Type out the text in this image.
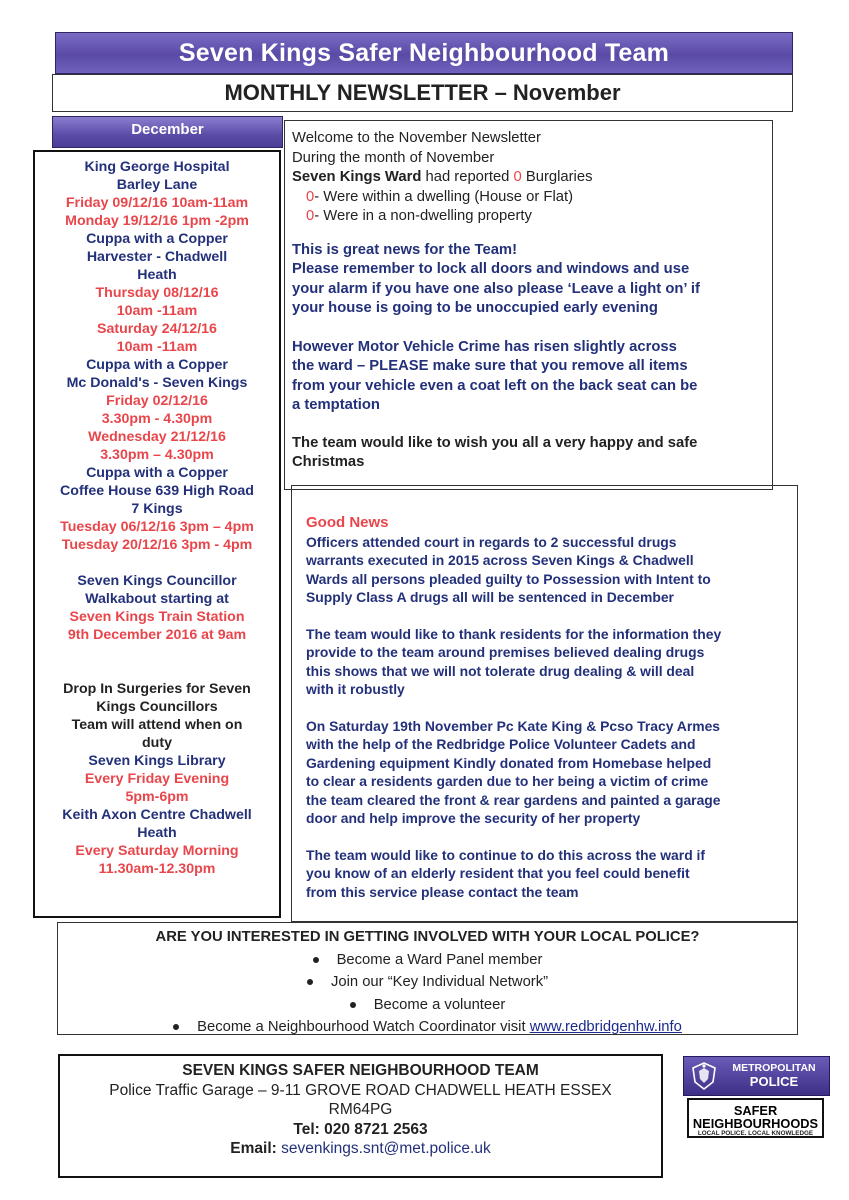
Seven Kings Safer Neighbourhood Team
MONTHLY NEWSLETTER – November
December
King George Hospital
Barley Lane
Friday 09/12/16 10am-11am
Monday 19/12/16 1pm -2pm
Cuppa with a Copper
Harvester - Chadwell
Heath
Thursday 08/12/16
10am -11am
Saturday 24/12/16
10am -11am
Cuppa with a Copper
Mc Donald's - Seven Kings
Friday 02/12/16
3.30pm - 4.30pm
Wednesday 21/12/16
3.30pm – 4.30pm
Cuppa with a Copper
Coffee House 639 High Road
7 Kings
Tuesday 06/12/16 3pm – 4pm
Tuesday 20/12/16 3pm - 4pm
Seven Kings Councillor
Walkabout starting at
Seven Kings Train Station
9th December 2016 at 9am
Drop In Surgeries for Seven
Kings Councillors
Team will attend when on
duty
Seven Kings Library
Every Friday Evening
5pm-6pm
Keith Axon Centre Chadwell
Heath
Every Saturday Morning
11.30am-12.30pm
Welcome to the November Newsletter
During the month of November
Seven Kings Ward had reported 0 Burglaries
0- Were within a dwelling (House or Flat)
0- Were in a non-dwelling property
This is great news for the Team!
Please remember to lock all doors and windows and use
your alarm if you have one also please ‘Leave a light on’ if
your house is going to be unoccupied early evening
However Motor Vehicle Crime has risen slightly across
the ward – PLEASE make sure that you remove all items
from your vehicle even a coat left on the back seat can be
a temptation
The team would like to wish you all a very happy and safe
Christmas
Good News
Officers attended court in regards to 2 successful drugs
warrants executed in 2015 across Seven Kings & Chadwell
Wards all persons pleaded guilty to Possession with Intent to
Supply Class A drugs all will be sentenced in December
The team would like to thank residents for the information they
provide to the team around premises believed dealing drugs
this shows that we will not tolerate drug dealing & will deal
with it robustly
On Saturday 19th November Pc Kate King & Pcso Tracy Armes
with the help of the Redbridge Police Volunteer Cadets and
Gardening equipment Kindly donated from Homebase helped
to clear a residents garden due to her being a victim of crime
the team cleared the front & rear gardens and painted a garage
door and help improve the security of her property
The team would like to continue to do this across the ward if
you know of an elderly resident that you feel could benefit
from this service please contact the team
ARE YOU INTERESTED IN GETTING INVOLVED WITH YOUR LOCAL POLICE?
Become a Ward Panel member
Join our “Key Individual Network”
Become a volunteer
Become a Neighbourhood Watch Coordinator visit www.redbridgenhw.info
SEVEN KINGS SAFER NEIGHBOURHOOD TEAM
Police Traffic Garage – 9-11 GROVE ROAD CHADWELL HEATH ESSEX
RM64PG
Tel: 020 8721 2563
Email: sevenkings.snt@met.police.uk
METROPOLITAN
POLICE
SAFER
NEIGHBOURHOODS
LOCAL POLICE. LOCAL KNOWLEDGE
